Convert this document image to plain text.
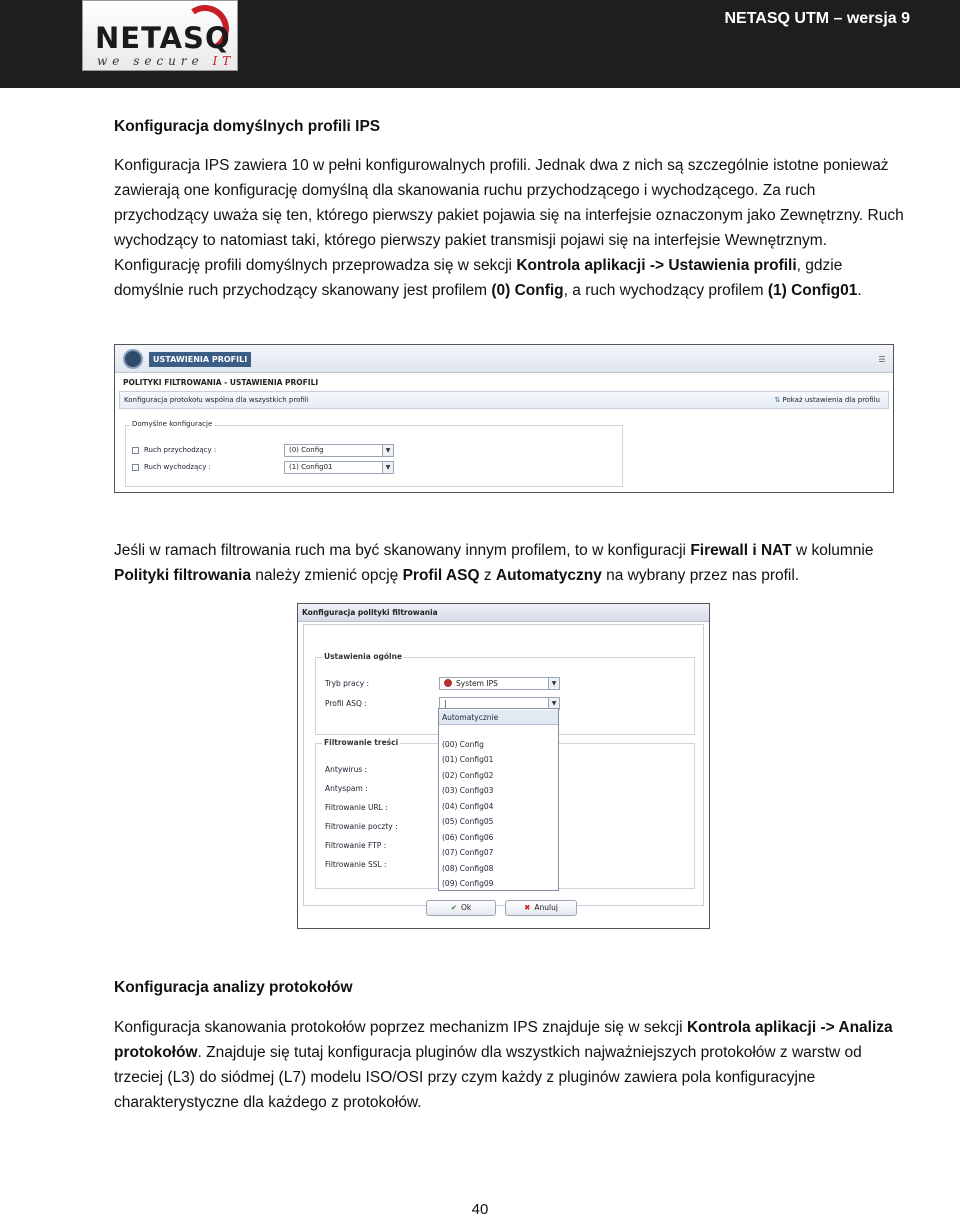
NETASQ
we secure IT
NETASQ UTM – wersja 9
Konfiguracja domyślnych profili IPS
Konfiguracja IPS zawiera 10 w pełni konfigurowalnych profili. Jednak dwa z nich są szczególnie istotne ponieważ zawierają one konfigurację domyślną dla skanowania ruchu przychodzącego i wychodzącego. Za ruch przychodzący uważa się ten, którego pierwszy pakiet pojawia się na interfejsie oznaczonym jako Zewnętrzny. Ruch wychodzący to natomiast taki, którego pierwszy pakiet transmisji pojawi się na interfejsie Wewnętrznym. Konfigurację profili domyślnych przeprowadza się w sekcji Kontrola aplikacji -> Ustawienia profili, gdzie domyślnie ruch przychodzący skanowany jest profilem (0) Config, a ruch wychodzący profilem (1) Config01.
USTAWIENIA PROFILI	☰
POLITYKI FILTROWANIA - USTAWIENIA PROFILI
Konfiguracja protokołu wspólna dla wszystkich profili	⇅ Pokaż ustawienia dla profilu
Domyślne konfiguracje
Ruch przychodzący :	(0) Config	▼
Ruch wychodzący :	(1) Config01	▼
Jeśli w ramach filtrowania ruch ma być skanowany innym profilem, to w konfiguracji Firewall i NAT w kolumnie Polityki filtrowania należy zmienić opcję Profil ASQ z Automatyczny na wybrany przez nas profil.
Konfiguracja polityki filtrowania
Ustawienia ogólne
Tryb pracy :	System IPS	▼
Profil ASQ :	|	▼
Filtrowanie treści
Antywirus :
Antyspam :
Filtrowanie URL :
Filtrowanie poczty :
Filtrowanie FTP :
Filtrowanie SSL :
✔ Ok	✖ Anuluj
Automatycznie
(00) Config
(01) Config01
(02) Config02
(03) Config03
(04) Config04
(05) Config05
(06) Config06
(07) Config07
(08) Config08
(09) Config09
Konfiguracja analizy protokołów
Konfiguracja skanowania protokołów poprzez mechanizm IPS znajduje się w sekcji Kontrola aplikacji -> Analiza protokołów. Znajduje się tutaj konfiguracja pluginów dla wszystkich najważniejszych protokołów z warstw od trzeciej (L3) do siódmej (L7) modelu ISO/OSI przy czym każdy z pluginów zawiera pola konfiguracyjne charakterystyczne dla każdego z protokołów.
40
